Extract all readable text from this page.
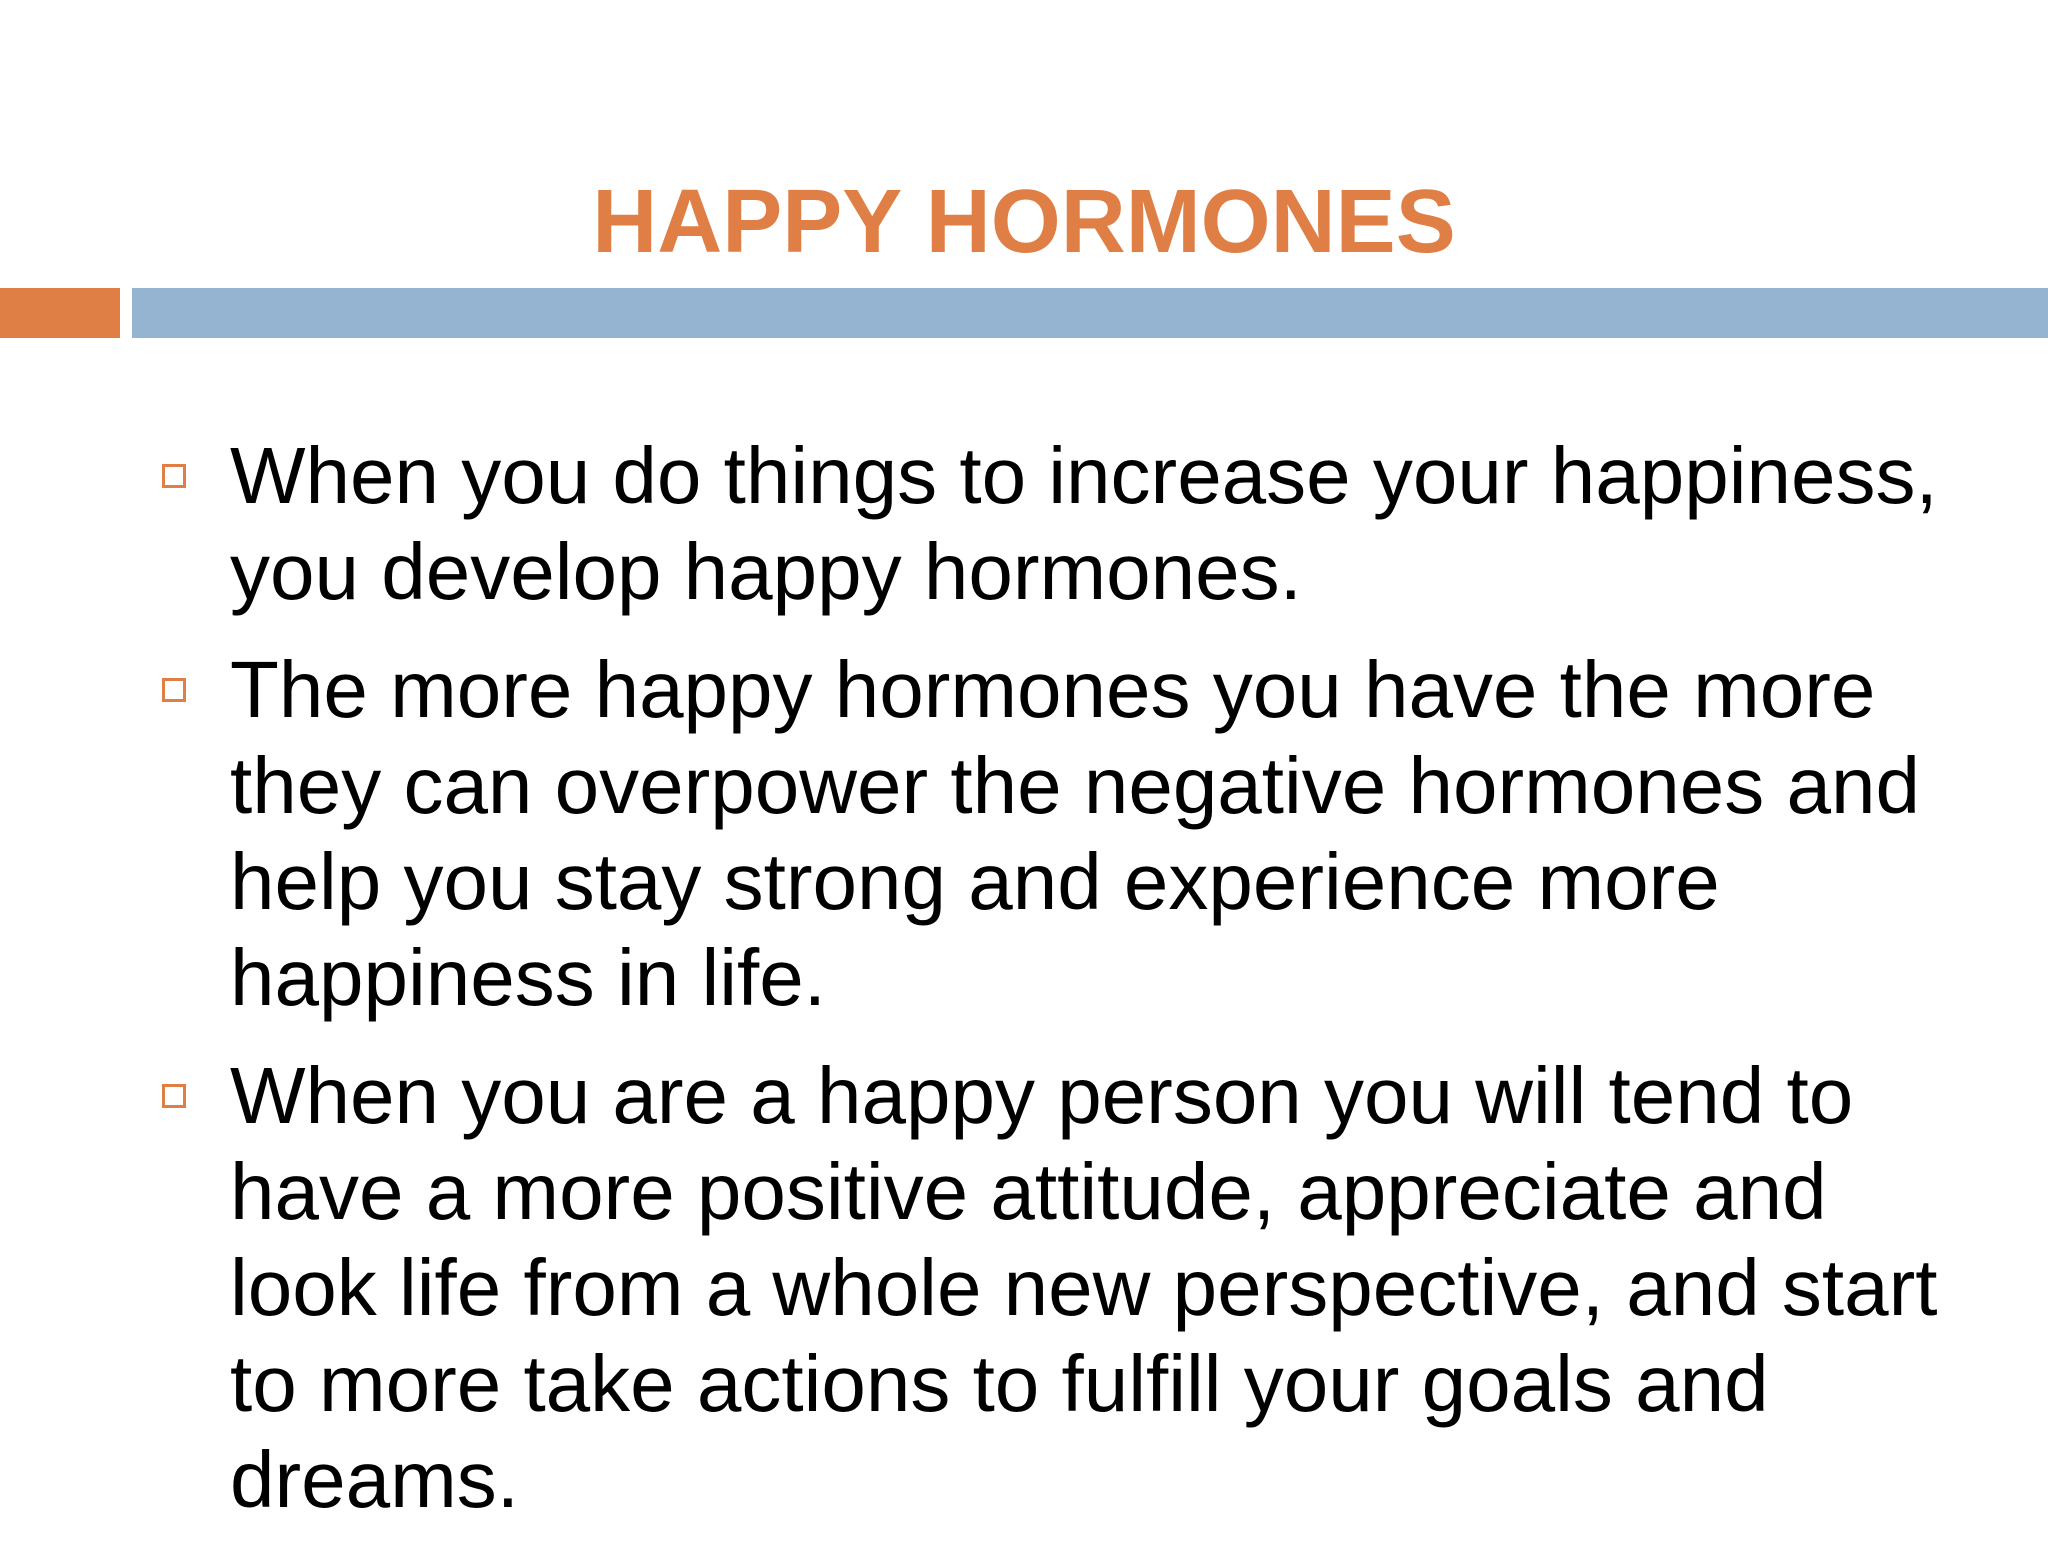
HAPPY HORMONES
When you do things to increase your happiness,
you develop happy hormones.
The more happy hormones you have the more
they can overpower the negative hormones and
help you stay strong and experience more
happiness in life.
When you are a happy person you will tend to
have a more positive attitude, appreciate and
look life from a whole new perspective, and start
to more take actions to fulfill your goals and
dreams.
